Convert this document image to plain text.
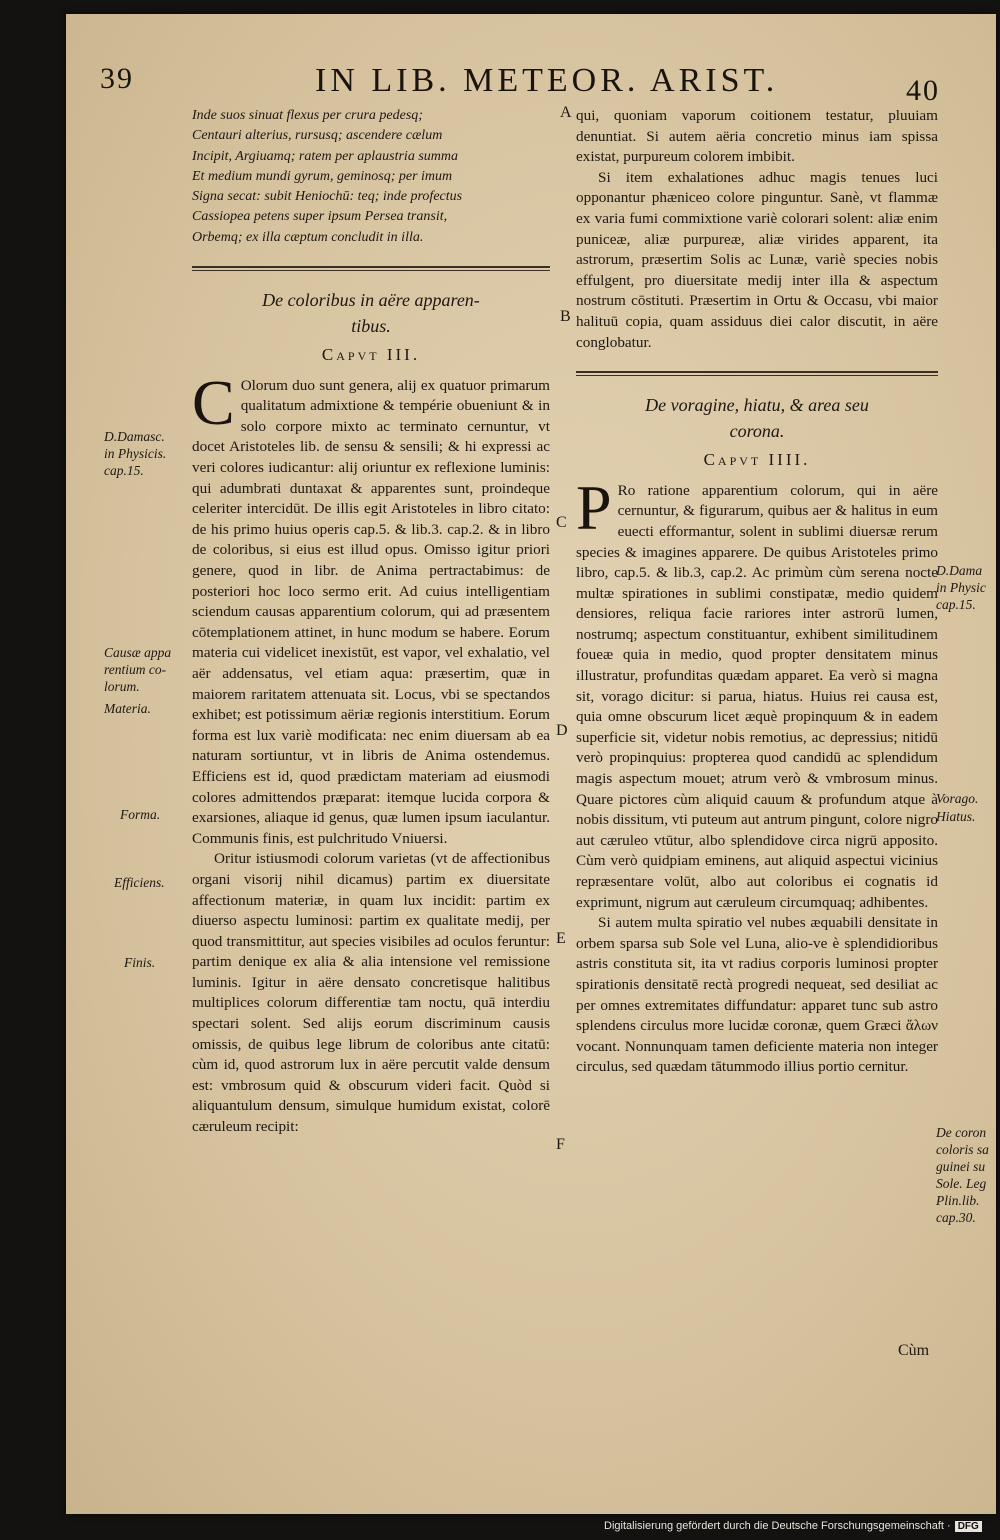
39	IN LIB. METEOR. ARIST.	40
Inde suos sinuat flexus per crura pedesq;
Centauri alterius, rursusq; ascendere cælum
Incipit, Argiuamq; ratem per aplaustria summa
Et medium mundi gyrum, geminosq; per imum
Signa secat: subit Heniochū: teq; inde profectus
Cassiopea petens super ipsum Persea transit,
Orbemq; ex illa cæptum concludit in illa.
De coloribus in aëre apparen-
tibus.
Capvt III.

C Olorum duo sunt genera, alij ex quatuor primarum qualitatum admixtione & tempérie obueniunt & in solo corpore mixto ac terminato cernuntur, vt docet Aristoteles lib. de sensu & sensili; & hi expressi ac veri colores iudicantur: alij oriuntur ex reflexione luminis: qui adumbrati duntaxat & apparentes sunt, proindeque celeriter intercidūt. De illis egit Aristoteles in libro citato: de his primo huius operis cap.5. & lib.3. cap.2. & in libro de coloribus, si eius est illud opus. Omisso igitur priori genere, quod in libr. de Anima pertractabimus: de posteriori hoc loco sermo erit. Ad cuius intelligentiam sciendum causas apparentium colorum, qui ad præsentem cōtemplationem attinet, in hunc modum se habere. Eorum materia cui videlicet inexistūt, est vapor, vel exhalatio, vel aër addensatus, vel etiam aqua: præsertim, quæ in maiorem raritatem attenuata sit. Locus, vbi se spectandos exhibet; est potissimum aëriæ regionis interstitium. Eorum forma est lux variè modificata: nec enim diuersam ab ea naturam sortiuntur, vt in libris de Anima ostendemus. Efficiens est id, quod prædictam materiam ad eiusmodi colores admittendos præparat: itemque lucida corpora & exarsiones, aliaque id genus, quæ lumen ipsum iaculantur. Communis finis, est pulchritudo Vniuersi.

Oritur istiusmodi colorum varietas (vt de affectionibus organi visorij nihil dicamus) partim ex diuersitate affectionum materiæ, in quam lux incidit: partim ex diuerso aspectu luminosi: partim ex qualitate medij, per quod transmittitur, aut species visibiles ad oculos feruntur: partim denique ex alia & alia intensione vel remissione luminis. Igitur in aëre densato concretisque halitibus multiplices colorum differentiæ tam noctu, quā interdiu spectari solent. Sed alijs eorum discriminum causis omissis, de quibus lege librum de coloribus ante citatū: cùm id, quod astrorum lux in aëre percutit valde densum est: vmbrosum quid & obscurum videri facit. Quòd si aliquantulum densum, simulque humidum existat, colorē cæruleum recipit:

qui, quoniam vaporum coitionem testatur, pluuiam denuntiat. Si autem aëria concretio minus iam spissa existat, purpureum colorem imbibit.

Si item exhalationes adhuc magis tenues luci opponantur phæniceo colore pinguntur. Sanè, vt flammæ ex varia fumi commixtione variè colorari solent: aliæ enim puniceæ, aliæ purpureæ, aliæ virides apparent, ita astrorum, præsertim Solis ac Lunæ, variè species nobis effulgent, pro diuersitate medij inter illa & aspectum nostrum cōstituti. Præsertim in Ortu & Occasu, vbi maior halituū copia, quam assiduus diei calor discutit, in aëre conglobatur.

De voragine, hiatu, & area seu
corona.
Capvt IIII.

P Ro ratione apparentium colorum, qui in aëre cernuntur, & figurarum, quibus aer & halitus in eum euecti efformantur, solent in sublimi diuersæ rerum species & imagines apparere. De quibus Aristoteles primo libro, cap.5. & lib.3, cap.2. Ac primùm cùm serena nocte multæ spirationes in sublimi constipatæ, medio quidem densiores, reliqua facie rariores inter astrorū lumen, nostrumq; aspectum constituantur, exhibent similitudinem foueæ quia in medio, quod propter densitatem minus illustratur, profunditas quædam apparet. Ea verò si magna sit, vorago dicitur: si parua, hiatus. Huius rei causa est, quia omne obscurum licet æquè propinquum & in eadem superficie sit, videtur nobis remotius, ac depressius; nitidū verò propinquius: propterea quod candidū ac splendidum magis aspectum mouet; atrum verò & vmbrosum minus. Quare pictores cùm aliquid cauum & profundum atque à nobis dissitum, vti puteum aut antrum pingunt, colore nigro aut cæruleo vtūtur, albo splendidove circa nigrū apposito. Cùm verò quidpiam eminens, aut aliquid aspectui vicinius repræsentare volūt, albo aut coloribus ei cognatis id exprimunt, nigrum aut cæruleum circumquaq; adhibentes.

Si autem multa spiratio vel nubes æquabili densitate in orbem sparsa sub Sole vel Luna, alio-ve è splendidioribus astris constituta sit, ita vt radius corporis luminosi propter spirationis densitatē rectà progredi nequeat, sed desiliat ac per omnes extremitates diffundatur: apparet tunc sub astro splendens circulus more lucidæ coronæ, quem Græci ἅλων vocant. Nonnunquam tamen deficiente materia non integer circulus, sed quædam tātummodo illius portio cernitur.

Cùm
D.Damasc.
in Physicis.
cap.15.
Causæ appa
rentium co-
lorum.
Materia.
Forma.
Efficiens.
Finis.
D.Dama
in Physic
cap.15.
Vorago.
Hiatus.
De coron
coloris sa
guinei su
Sole. Leg
Plin.lib.
cap.30.
A
B
C
D
E
F
Digitalisierung gefördert durch die Deutsche Forschungsgemeinschaft · DFG
